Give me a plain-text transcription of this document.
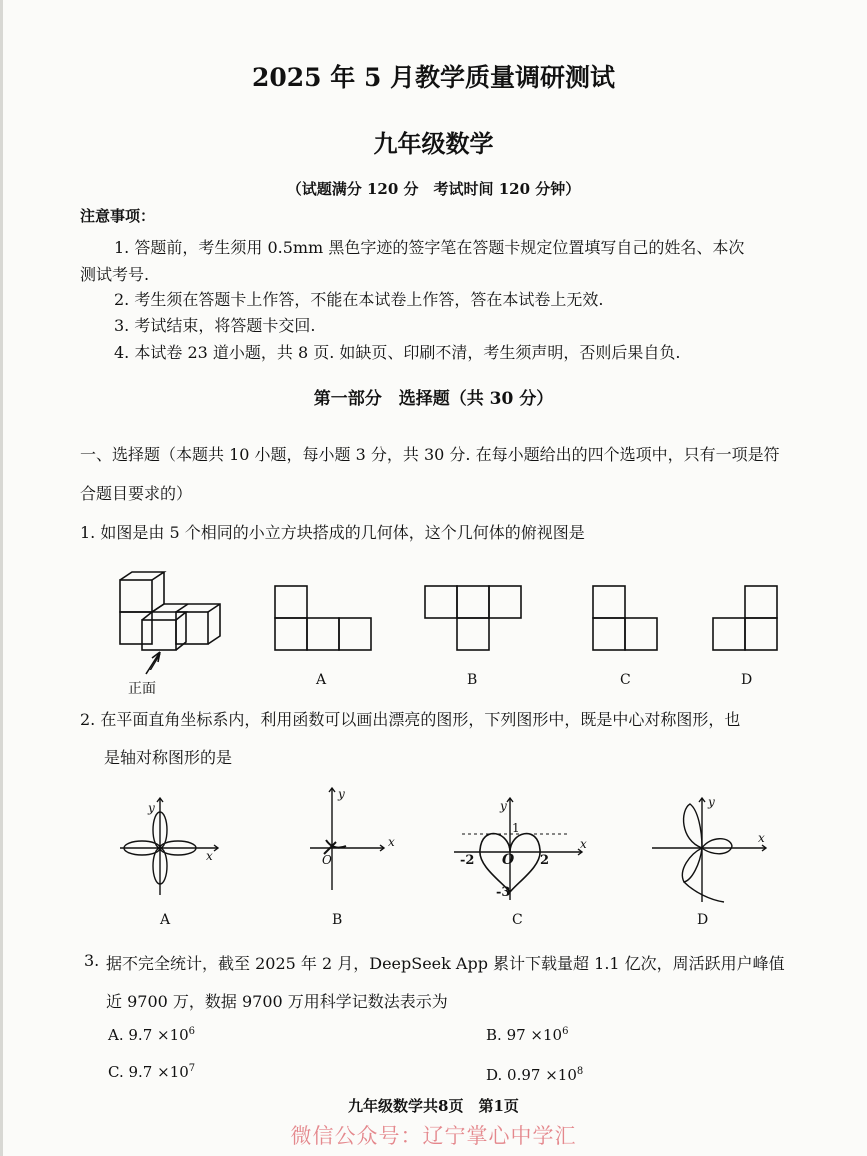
2025 年 5 月教学质量调研测试
九年级数学
（试题满分 120 分　考试时间 120 分钟）
注意事项：
1. 答题前，考生须用 0.5mm 黑色字迹的签字笔在答题卡规定位置填写自己的姓名、本次
测试考号.
2. 考生须在答题卡上作答，不能在本试卷上作答，答在本试卷上无效.
3. 考试结束，将答题卡交回.
4. 本试卷 23 道小题，共 8 页. 如缺页、印刷不清，考生须声明，否则后果自负.
第一部分　选择题（共 30 分）
一、选择题（本题共 10 小题，每小题 3 分，共 30 分. 在每小题给出的四个选项中，只有一项是符
合题目要求的）
1. 如图是由 5 个相同的小立方块搭成的几何体，这个几何体的俯视图是
正面
A	B	C	D
2. 在平面直角坐标系内，利用函数可以画出漂亮的图形，下列图形中，既是中心对称图形，也
是轴对称图形的是
x
y
A
x
y
O
B
x
y
O
1
-2	2
-3
C
x
y
D
3. 据不完全统计，截至 2025 年 2 月，DeepSeek App 累计下载量超 1.1 亿次，周活跃用户峰值
近 9700 万，数据 9700 万用科学记数法表示为
A. $9.7 \times 10^6$	B. $97 \times 10^6$
C. $9.7 \times 10^7$	D. $0.97 \times 10^8$
九年级数学共8页　第1页
微信公众号：辽宁掌心中学汇
